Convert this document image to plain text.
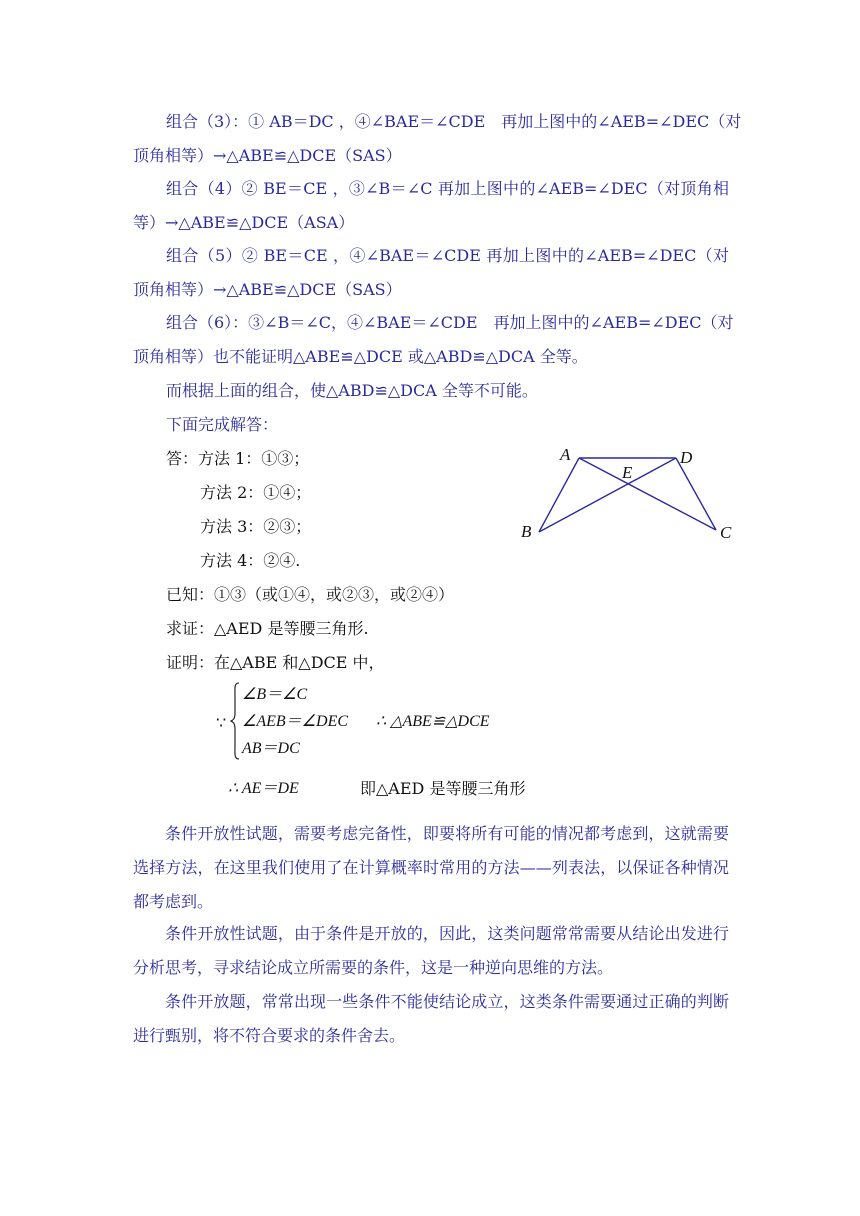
组合（3）：① AB＝DC ，④∠BAE＝∠CDE　再加上图中的∠AEB=∠DEC（对
顶角相等）→△ABE≌△DCE（SAS）
组合（4）② BE＝CE ，③∠B＝∠C 再加上图中的∠AEB=∠DEC（对顶角相
等）→△ABE≌△DCE（ASA）
组合（5）② BE＝CE ，④∠BAE＝∠CDE 再加上图中的∠AEB=∠DEC（对
顶角相等）→△ABE≌△DCE（SAS）
组合（6）：③∠B＝∠C，④∠BAE＝∠CDE　再加上图中的∠AEB=∠DEC（对
顶角相等）也不能证明△ABE≌△DCE 或△ABD≌△DCA 全等。
而根据上面的组合，使△ABD≌△DCA 全等不可能。
下面完成解答：
答：方法 1：①③；
方法 2：①④；
方法 3：②③；
方法 4：②④.
A	D
E
B	C
已知：①③（或①④，或②③，或②④）
求证：△AED 是等腰三角形.
证明：在△ABE 和△DCE 中，
∵
∠B＝∠C
∠AEB＝∠DEC
AB＝DC
∴ △ABE≌△DCE
∴ AE＝DE	即△AED 是等腰三角形
条件开放性试题，需要考虑完备性，即要将所有可能的情况都考虑到，这就需要选择方法，在这里我们使用了在计算概率时常用的方法——列表法，以保证各种情况都考虑到。
条件开放性试题，由于条件是开放的，因此，这类问题常常需要从结论出发进行分析思考，寻求结论成立所需要的条件，这是一种逆向思维的方法。
条件开放题，常常出现一些条件不能使结论成立，这类条件需要通过正确的判断进行甄别，将不符合要求的条件舍去。
